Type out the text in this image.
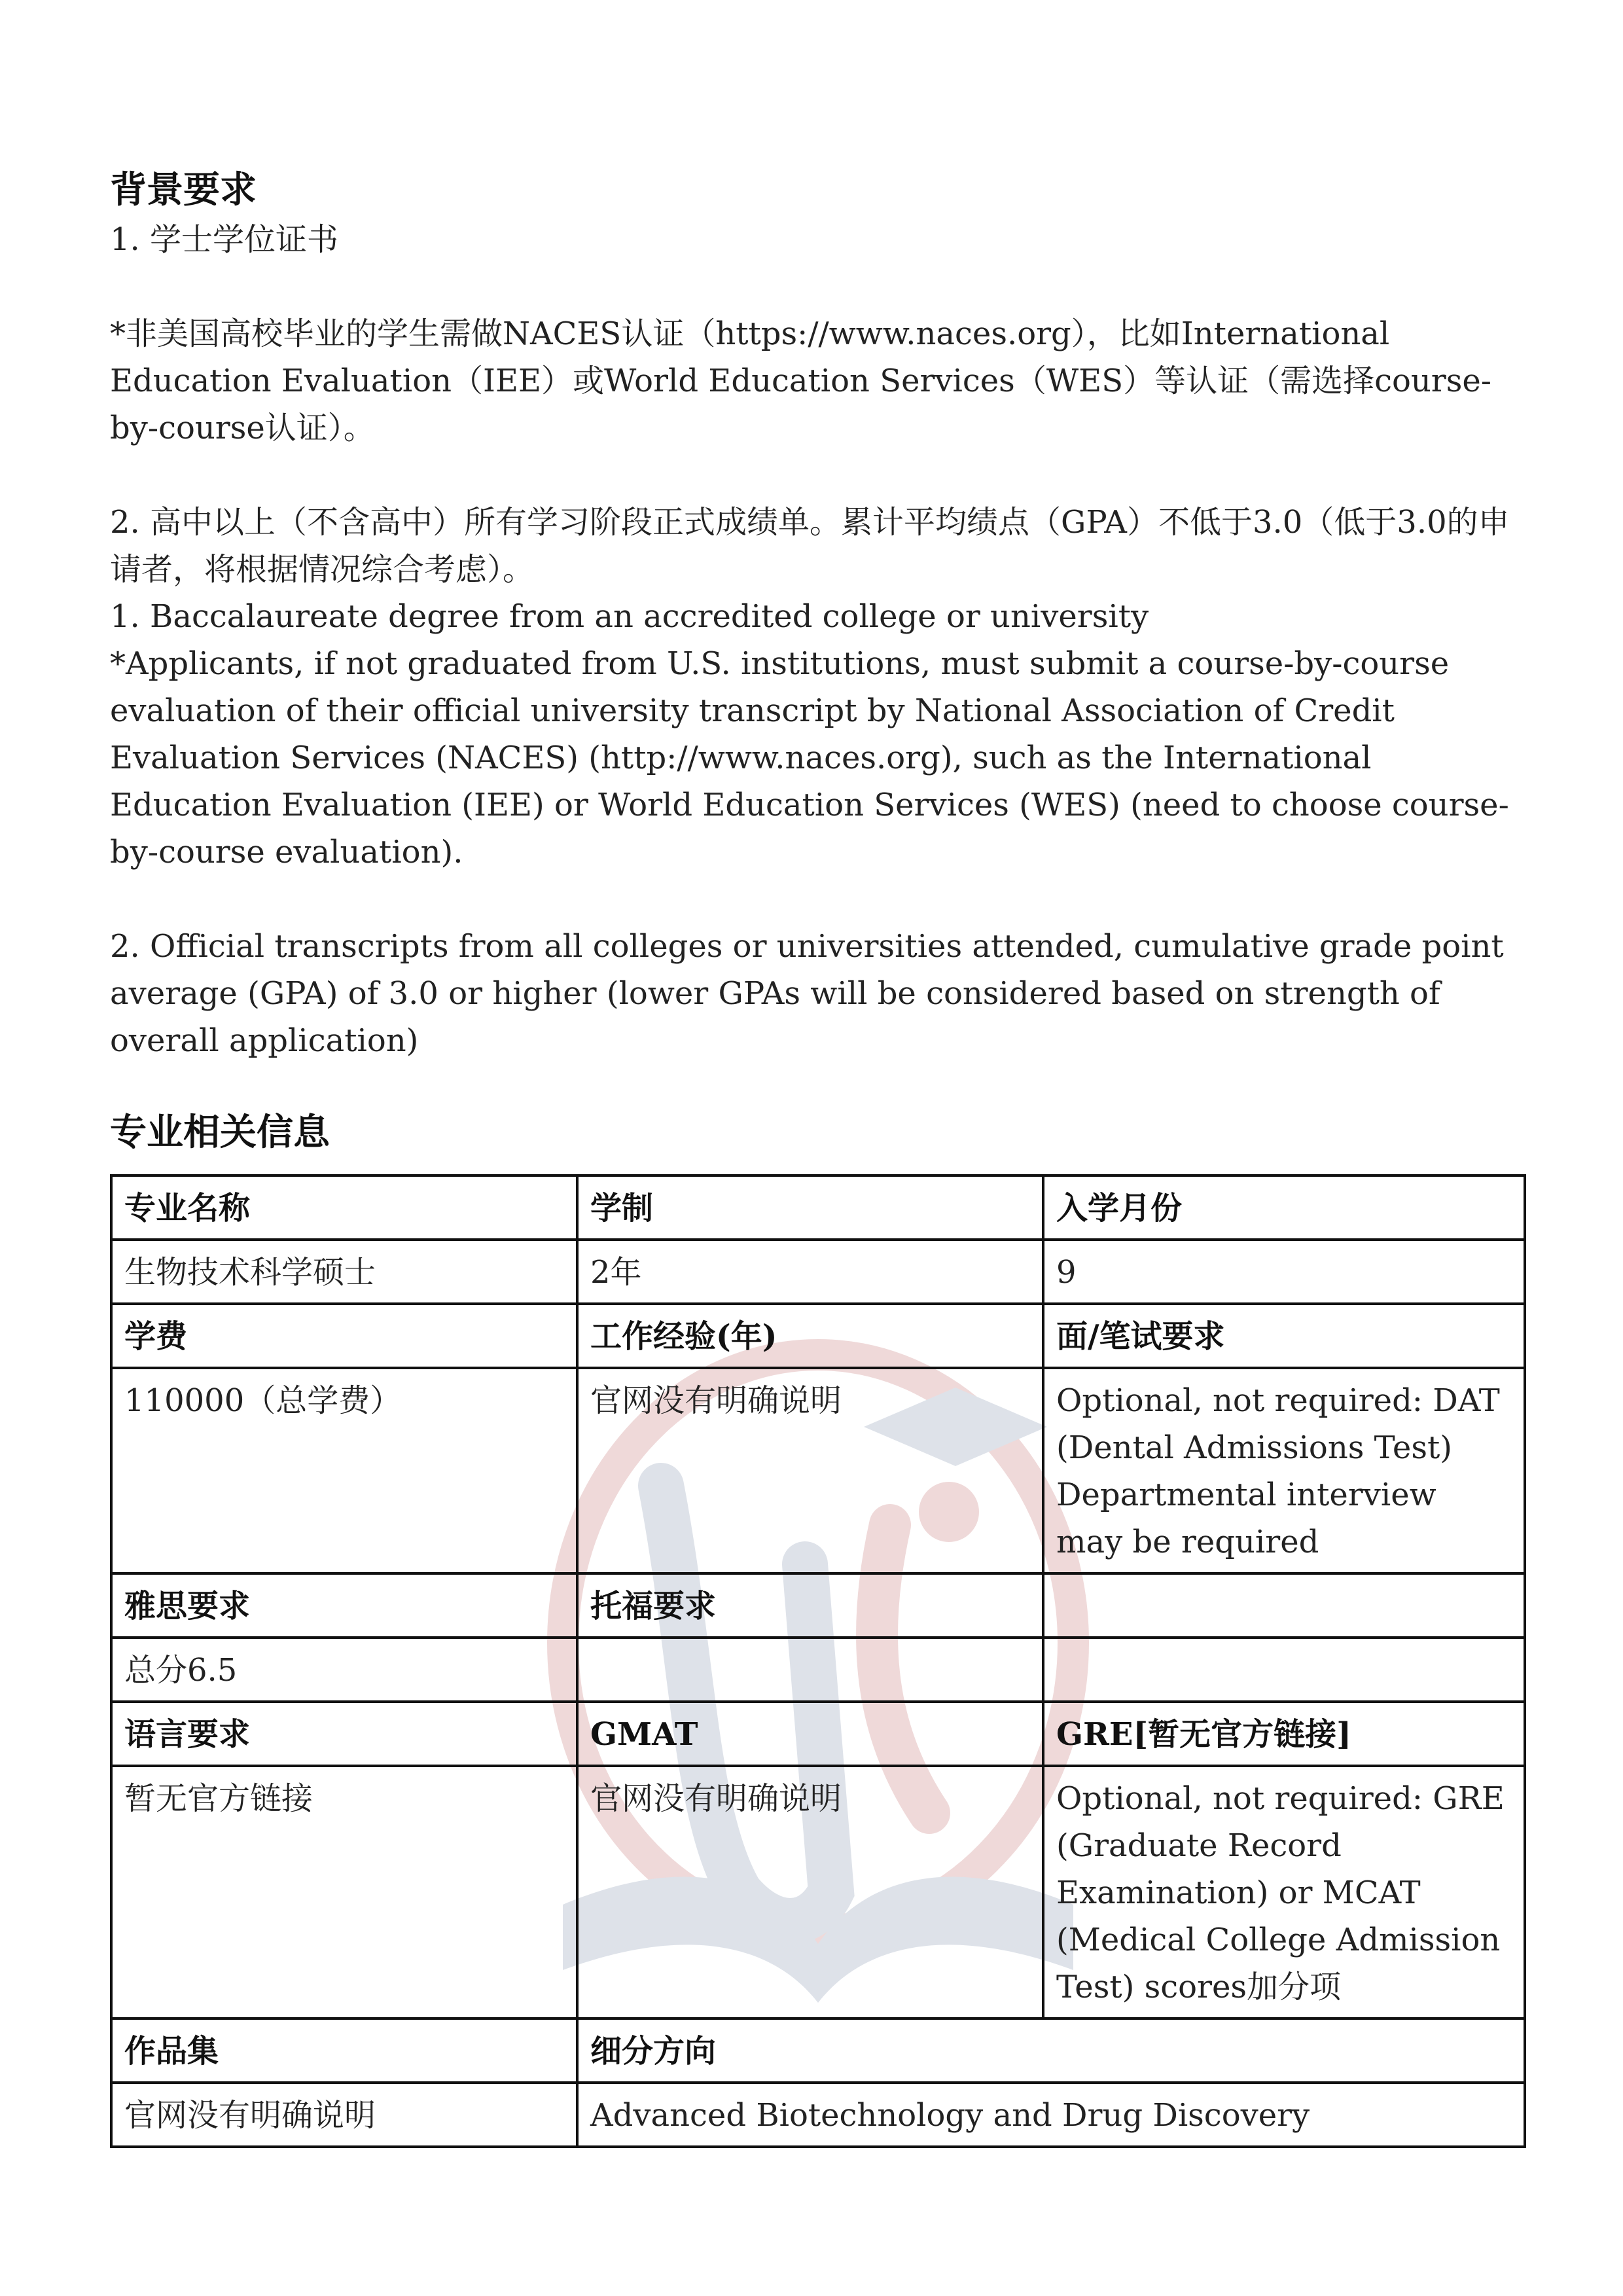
背景要求

1. 学士学位证书

*非美国高校毕业的学生需做NACES认证（https://www.naces.org），比如International Education Evaluation（IEE）或World Education Services（WES）等认证（需选择course-by-course认证）。

2. 高中以上（不含高中）所有学习阶段正式成绩单。累计平均绩点（GPA）不低于3.0（低于3.0的申请者，将根据情况综合考虑）。

1. Baccalaureate degree from an accredited college or university

*Applicants, if not graduated from U.S. institutions, must submit a course-by-course evaluation of their official university transcript by National Association of Credit Evaluation Services (NACES) (http://www.naces.org), such as the International Education Evaluation (IEE) or World Education Services (WES) (need to choose course-by-course evaluation).

2. Official transcripts from all colleges or universities attended, cumulative grade point average (GPA) of 3.0 or higher (lower GPAs will be considered based on strength of overall application)

专业相关信息
专业名称	学制	入学月份
生物技术科学硕士	2年	9
学费	工作经验(年)	面/笔试要求
110000（总学费）	官网没有明确说明	Optional, not required: DAT (Dental Admissions Test) Departmental interview may be required
雅思要求	托福要求	
总分6.5		
语言要求	GMAT	GRE[暂无官方链接]
暂无官方链接	官网没有明确说明	Optional, not required: GRE (Graduate Record Examination) or MCAT (Medical College Admission Test) scores加分项
作品集	细分方向	
官网没有明确说明	Advanced Biotechnology and Drug Discovery	
